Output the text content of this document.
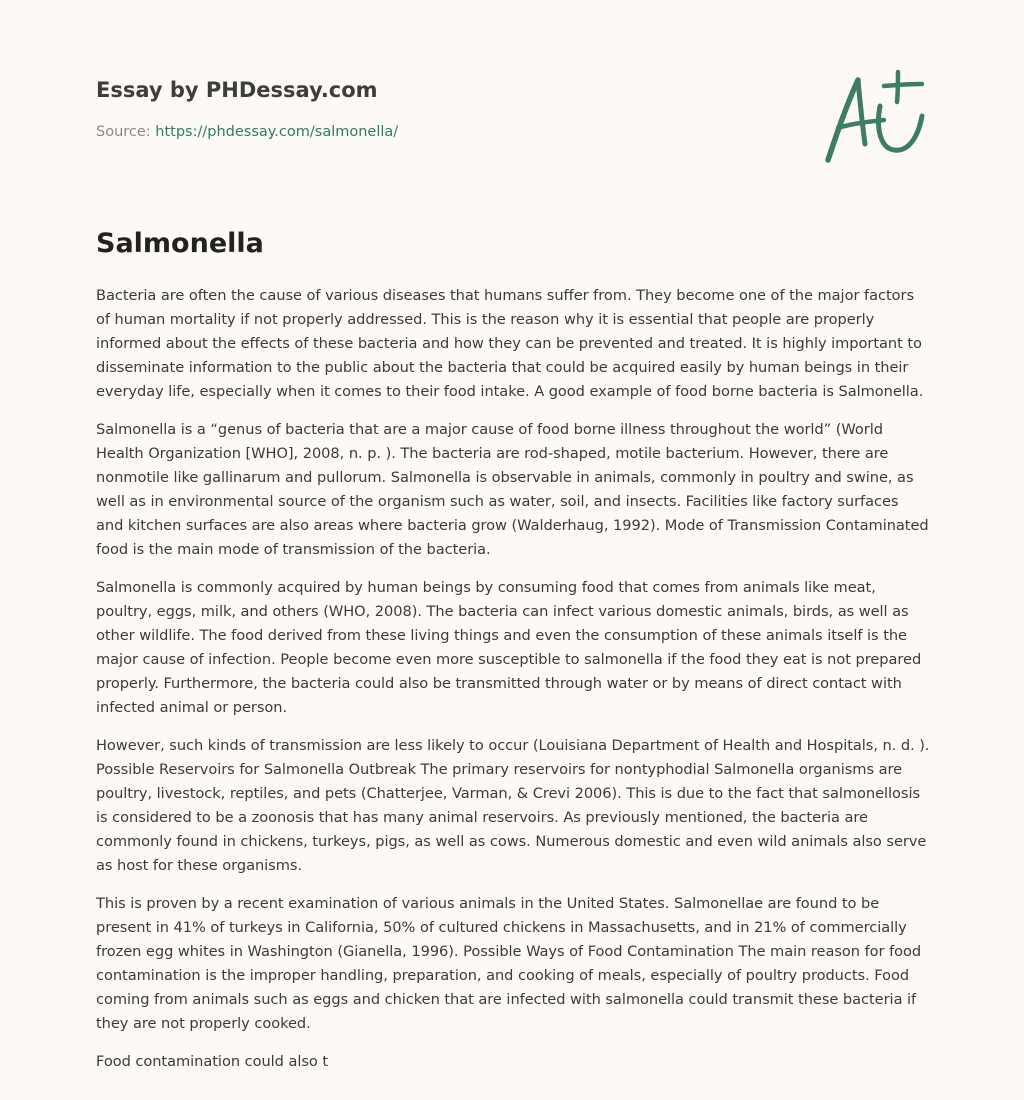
Essay by PHDessay.com
Source: https://phdessay.com/salmonella/
Salmonella

Bacteria are often the cause of various diseases that humans suffer from. They become one of the major factors of human mortality if not properly addressed. This is the reason why it is essential that people are properly informed about the effects of these bacteria and how they can be prevented and treated. It is highly important to disseminate information to the public about the bacteria that could be acquired easily by human beings in their everyday life, especially when it comes to their food intake. A good example of food borne bacteria is Salmonella.

Salmonella is a “genus of bacteria that are a major cause of food borne illness throughout the world” (World Health Organization [WHO], 2008, n. p. ). The bacteria are rod-shaped, motile bacterium. However, there are nonmotile like gallinarum and pullorum. Salmonella is observable in animals, commonly in poultry and swine, as well as in environmental source of the organism such as water, soil, and insects. Facilities like factory surfaces and kitchen surfaces are also areas where bacteria grow (Walderhaug, 1992). Mode of Transmission Contaminated food is the main mode of transmission of the bacteria.

Salmonella is commonly acquired by human beings by consuming food that comes from animals like meat, poultry, eggs, milk, and others (WHO, 2008). The bacteria can infect various domestic animals, birds, as well as other wildlife. The food derived from these living things and even the consumption of these animals itself is the major cause of infection. People become even more susceptible to salmonella if the food they eat is not prepared properly. Furthermore, the bacteria could also be transmitted through water or by means of direct contact with infected animal or person.

However, such kinds of transmission are less likely to occur (Louisiana Department of Health and Hospitals, n. d. ). Possible Reservoirs for Salmonella Outbreak The primary reservoirs for nontyphodial Salmonella organisms are poultry, livestock, reptiles, and pets (Chatterjee, Varman, & Crevi 2006). This is due to the fact that salmonellosis is considered to be a zoonosis that has many animal reservoirs. As previously mentioned, the bacteria are commonly found in chickens, turkeys, pigs, as well as cows. Numerous domestic and even wild animals also serve as host for these organisms.

This is proven by a recent examination of various animals in the United States. Salmonellae are found to be present in 41% of turkeys in California, 50% of cultured chickens in Massachusetts, and in 21% of commercially frozen egg whites in Washington (Gianella, 1996). Possible Ways of Food Contamination The main reason for food contamination is the improper handling, preparation, and cooking of meals, especially of poultry products. Food coming from animals such as eggs and chicken that are infected with salmonella could transmit these bacteria if they are not properly cooked.

Food contamination could also t
